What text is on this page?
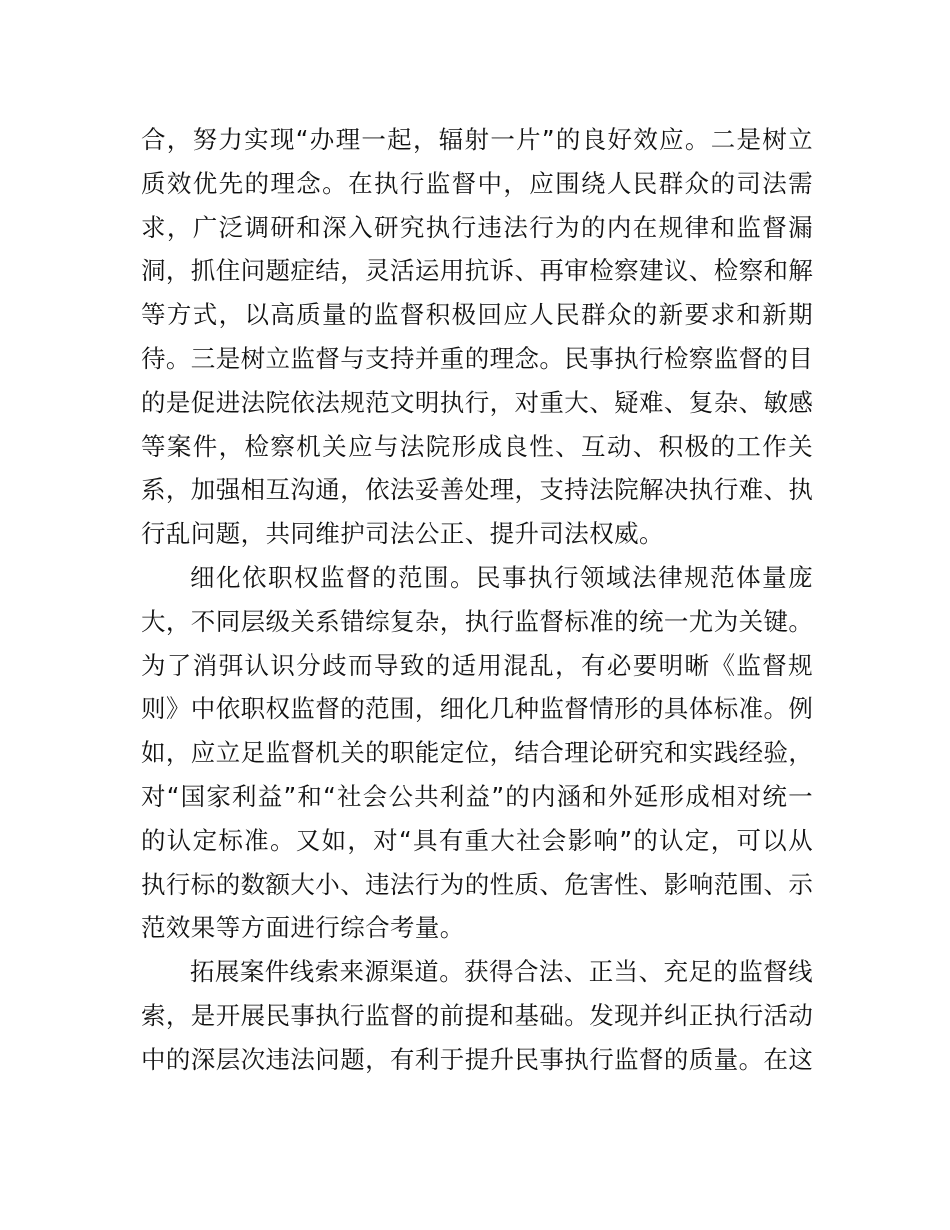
合，努力实现“办理一起，辐射一片”的良好效应。二是树立
质效优先的理念。在执行监督中，应围绕人民群众的司法需
求，广泛调研和深入研究执行违法行为的内在规律和监督漏
洞，抓住问题症结，灵活运用抗诉、再审检察建议、检察和解
等方式，以高质量的监督积极回应人民群众的新要求和新期
待。三是树立监督与支持并重的理念。民事执行检察监督的目
的是促进法院依法规范文明执行，对重大、疑难、复杂、敏感
等案件，检察机关应与法院形成良性、互动、积极的工作关
系，加强相互沟通，依法妥善处理，支持法院解决执行难、执
行乱问题，共同维护司法公正、提升司法权威。

细化依职权监督的范围。民事执行领域法律规范体量庞
大，不同层级关系错综复杂，执行监督标准的统一尤为关键。
为了消弭认识分歧而导致的适用混乱，有必要明晰《监督规
则》中依职权监督的范围，细化几种监督情形的具体标准。例
如，应立足监督机关的职能定位，结合理论研究和实践经验，
对“国家利益”和“社会公共利益”的内涵和外延形成相对统一
的认定标准。又如，对“具有重大社会影响”的认定，可以从
执行标的数额大小、违法行为的性质、危害性、影响范围、示
范效果等方面进行综合考量。

拓展案件线索来源渠道。获得合法、正当、充足的监督线
索，是开展民事执行监督的前提和基础。发现并纠正执行活动
中的深层次违法问题，有利于提升民事执行监督的质量。在这
